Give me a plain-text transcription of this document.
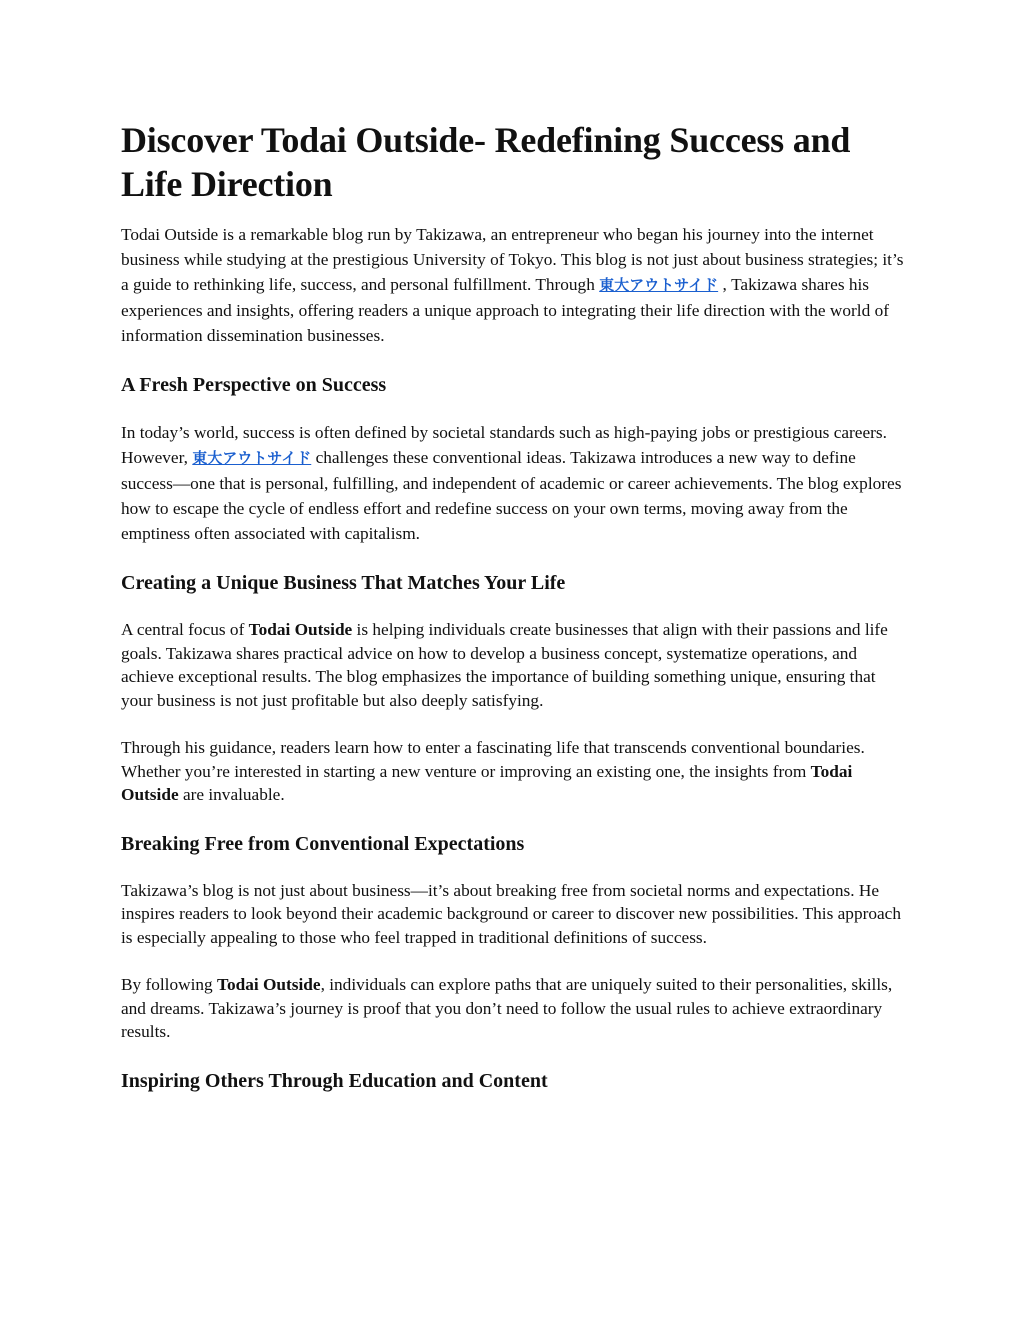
Discover Todai Outside- Redefining Success and Life Direction

Todai Outside is a remarkable blog run by Takizawa, an entrepreneur who began his journey into the internet business while studying at the prestigious University of Tokyo. This blog is not just about business strategies; it’s a guide to rethinking life, success, and personal fulfillment. Through 東大アウトサイド , Takizawa shares his experiences and insights, offering readers a unique approach to integrating their life direction with the world of information dissemination businesses.

A Fresh Perspective on Success

In today’s world, success is often defined by societal standards such as high-paying jobs or prestigious careers. However, 東大アウトサイド challenges these conventional ideas. Takizawa introduces a new way to define success—one that is personal, fulfilling, and independent of academic or career achievements. The blog explores how to escape the cycle of endless effort and redefine success on your own terms, moving away from the emptiness often associated with capitalism.

Creating a Unique Business That Matches Your Life

A central focus of Todai Outside is helping individuals create businesses that align with their passions and life goals. Takizawa shares practical advice on how to develop a business concept, systematize operations, and achieve exceptional results. The blog emphasizes the importance of building something unique, ensuring that your business is not just profitable but also deeply satisfying.

Through his guidance, readers learn how to enter a fascinating life that transcends conventional boundaries. Whether you’re interested in starting a new venture or improving an existing one, the insights from Todai Outside are invaluable.

Breaking Free from Conventional Expectations

Takizawa’s blog is not just about business—it’s about breaking free from societal norms and expectations. He inspires readers to look beyond their academic background or career to discover new possibilities. This approach is especially appealing to those who feel trapped in traditional definitions of success.

By following Todai Outside, individuals can explore paths that are uniquely suited to their personalities, skills, and dreams. Takizawa’s journey is proof that you don’t need to follow the usual rules to achieve extraordinary results.

Inspiring Others Through Education and Content
